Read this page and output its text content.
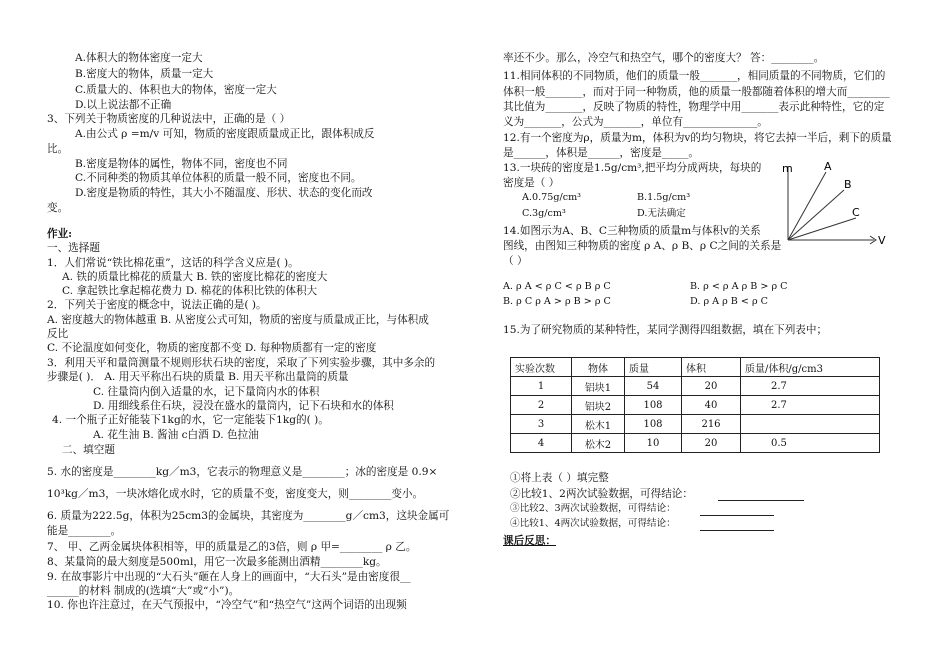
A.体积大的物体密度一定大
B.密度大的物体，质量一定大
C.质量大的、体积也大的物体，密度一定大
D.以上说法都不正确
3、下列关于物质密度的几种说法中，正确的是（ ）
A.由公式 ρ =m/v 可知，物质的密度跟质量成正比，跟体积成反
比。
B.密度是物体的属性，物体不同，密度也不同
C.不同种类的物质其单位体积的质量一般不同，密度也不同。
D.密度是物质的特性，其大小不随温度、形状、状态的变化而改
变。
作业:
一、选择题
1．人们常说“铁比棉花重”，这话的科学含义应是( )。
A. 铁的质量比棉花的质量大 B. 铁的密度比棉花的密度大
C. 拿起铁比拿起棉花费力 D. 棉花的体积比铁的体积大
2．下列关于密度的概念中，说法正确的是( )。
A. 密度越大的物体越重 B. 从密度公式可知，物质的密度与质量成正比，与体积成
反比
C. 不论温度如何变化，物质的密度都不变 D. 每种物质都有一定的密度
3．利用天平和量筒测量不规则形状石块的密度，采取了下列实验步骤，其中多余的
步骤是( )． A. 用天平称出石块的质量 B. 用天平称出量筒的质量
C. 往量筒内倒入适量的水，记下量筒内水的体积
D. 用细线系住石块，浸没在盛水的量筒内，记下石块和水的体积
4. 一个瓶子正好能装下1kg的水，它一定能装下1kg的( )。
A. 花生油 B. 酱油 c白酒 D. 色拉油
二、填空题
5. 水的密度是________kg／m3，它表示的物理意义是________；冰的密度是 0.9×
10³kg／m3，一块冰熔化成水时，它的质量不变，密度变大，则________变小。
6. 质量为222.5g，体积为25cm3的金属块，其密度为________g／cm3，这块金属可
能是________。
7、 甲、乙两金属块体积相等，甲的质量是乙的3倍，则 ρ 甲=________ ρ 乙。
8、某量筒的最大刻度是500ml，用它一次最多能测出酒精________kg。
9. 在故事影片中出现的“大石头”砸在人身上的画面中，“大石头”是由密度很__
______的材料 制成的(选填“大”或“小”)。
10. 你也许注意过，在天气预报中，“冷空气”和“热空气”这两个词语的出现频
率还不少。那么，冷空气和热空气，哪个的密度大？ 答：________。
11.相同体积的不同物质，他们的质量一般_______，相同质量的不同物质，它们的
体积一般_______，而对于同一种物质，他的质量一般都随着体积的增大而________
其比值为_______，反映了物质的特性，物理学中用_______表示此种特性，它的定
义为_______，公式为_______，单位有______________。
12.有一个密度为ρ，质量为m，体积为v的均匀物块，将它去掉一半后，剩下的质量
是______，体积是______，密度是_____。
13.一块砖的密度是1.5g/cm³,把平均分成两块，每块的
密度是（ ）
A.0.75g/cm³	B.1.5g/cm³
C.3g/cm³	D.无法确定
14.如图示为A、B、C三种物质的质量m与体积v的关系
图线，由图知三种物质的密度 ρ A、ρ B、ρ C之间的关系是
（ ）
A. ρ A < ρ C < ρ B ρ C	B. ρ < ρ A ρ B > ρ C
B. ρ C ρ A > ρ B > ρ C	D. ρ A ρ B < ρ C
15.为了研究物质的某种特性，某同学测得四组数据，填在下列表中；
①将上表（ ）填完整
②比较1、2两次试验数据，可得结论：
③比较2、3两次试验数据，可得结论：
④比较1、4两次试验数据，可得结论：
课后反思：
m
V
A
B
C
实验次数	物体	质量	体积	质量/体积/g/cm3
1	铝块1	54	20	2.7
2	铝块2	108	40	2.7
3	松木1	108	216	
4	松木2	10	20	0.5
